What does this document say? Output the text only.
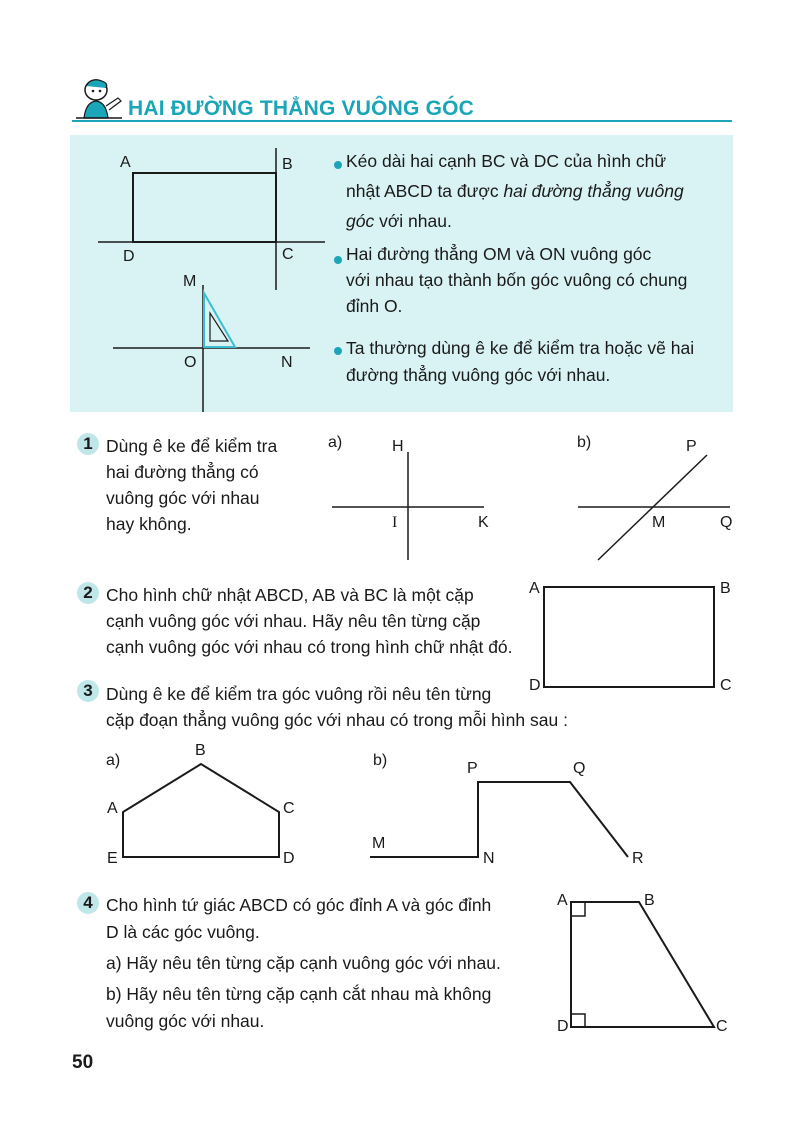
HAI ĐƯỜNG THẲNG VUÔNG GÓC
A	B
C
D
M
O	N
Kéo dài hai cạnh BC và DC của hình chữ
nhật ABCD ta được hai đường thẳng vuông
góc với nhau.
Hai đường thẳng OM và ON vuông góc
với nhau tạo thành bốn góc vuông có chung
đỉnh O.
Ta thường dùng ê ke để kiểm tra hoặc vẽ hai
đường thẳng vuông góc với nhau.
1 Dùng ê ke để kiểm tra
hai đường thẳng có
vuông góc với nhau
hay không.
a)	H
I	K
b)	P
M	Q
2 Cho hình chữ nhật ABCD, AB và BC là một cặp
cạnh vuông góc với nhau. Hãy nêu tên từng cặp
cạnh vuông góc với nhau có trong hình chữ nhật đó.
A	B
C
D
3 Dùng ê ke để kiểm tra góc vuông rồi nêu tên từng
cặp đoạn thẳng vuông góc với nhau có trong mỗi hình sau :
a)
B
A	C
E	D
b)	P	Q
M
N	R
4 Cho hình tứ giác ABCD có góc đỉnh A và góc đỉnh
D là các góc vuông.
a) Hãy nêu tên từng cặp cạnh vuông góc với nhau.
b) Hãy nêu tên từng cặp cạnh cắt nhau mà không
vuông góc với nhau.
A	B
C
D
50
